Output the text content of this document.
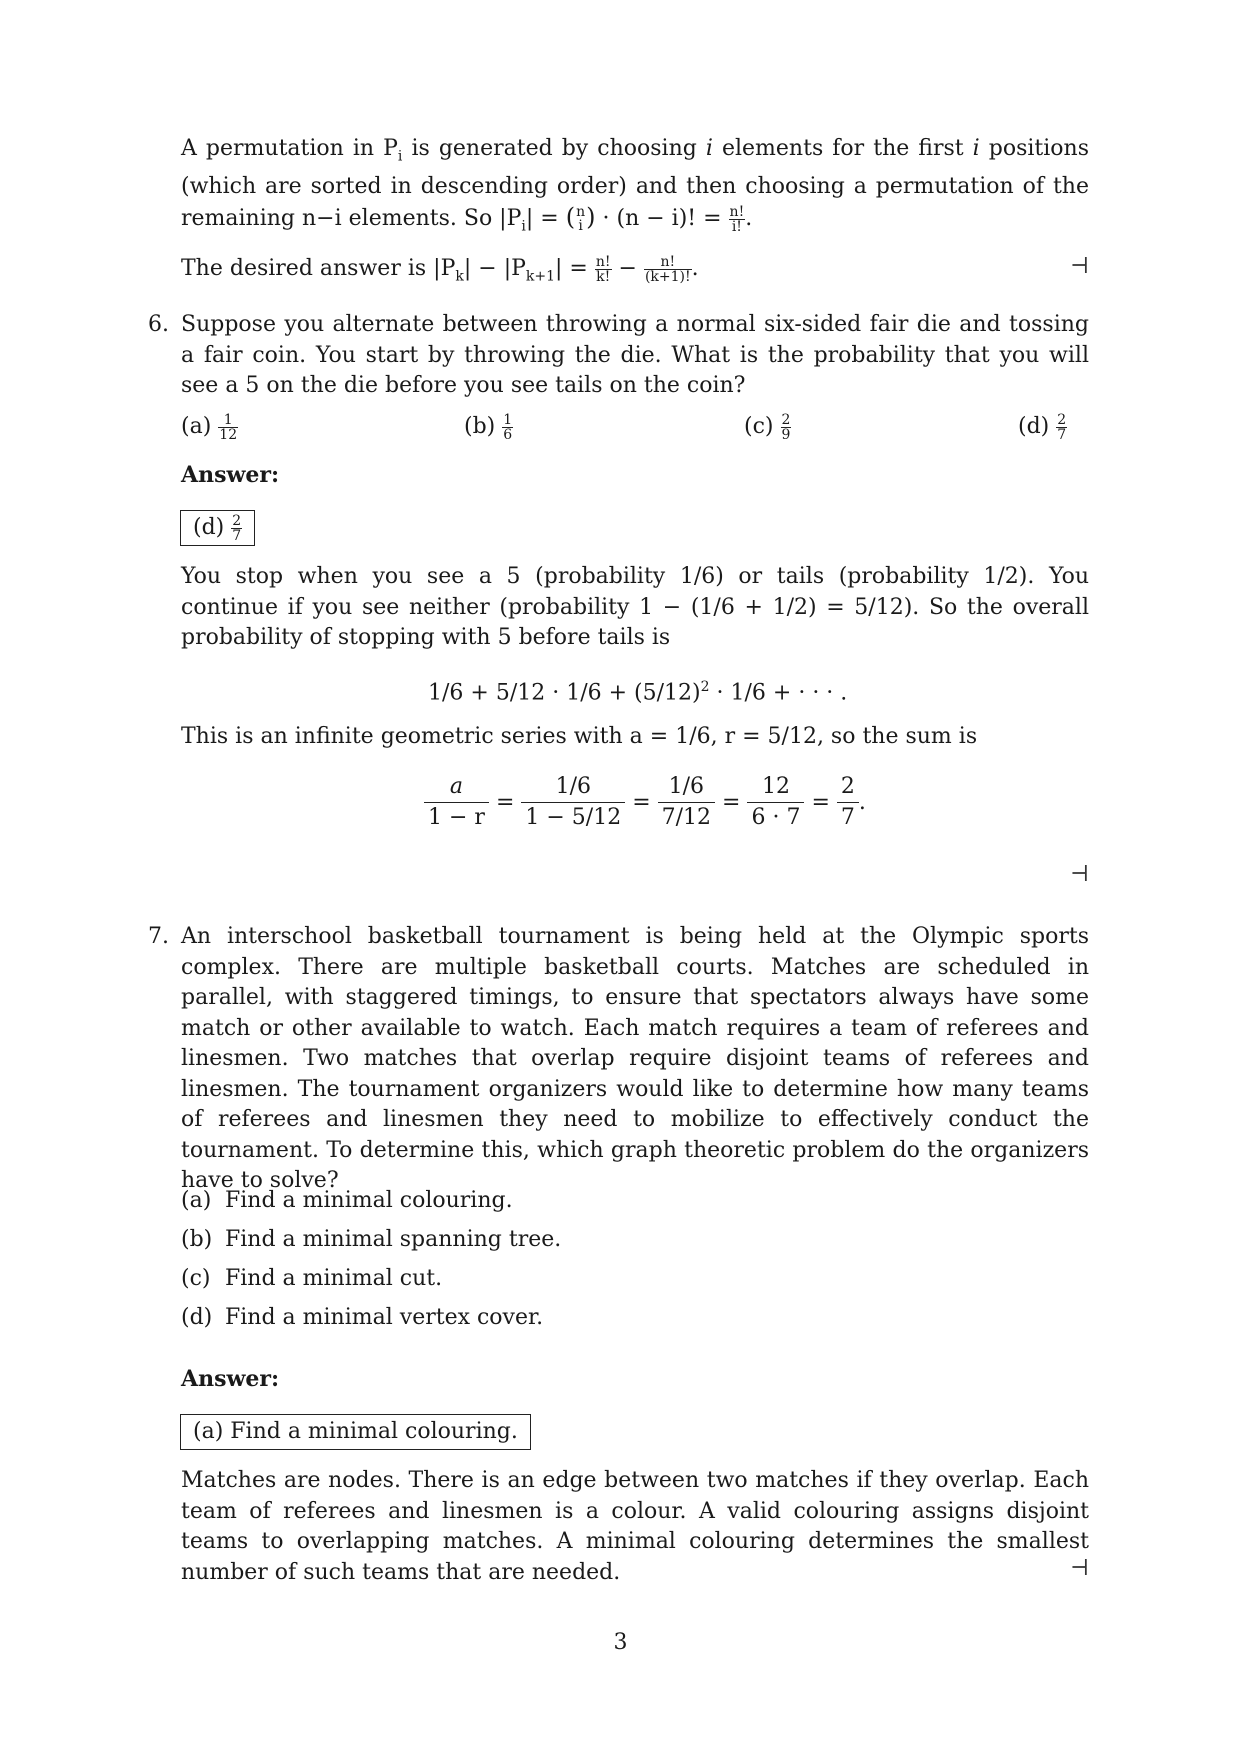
A permutation in $P_i$ is generated by choosing i elements for the first i positions (which are sorted in descending order) and then choosing a permutation of the remaining n−i elements. So $|P_i|$ = ( n
i ) · (n − i)! = $\frac{n!}{i!}$ .
The desired answer is $|P_k| - |P_{k+1}| = \frac{n!}{k!} - \frac{n!}{(k+1)!}$ .	⊣
6. Suppose you alternate between throwing a normal six-sided fair die and tossing a fair coin. You start by throwing the die. What is the probability that you will see a 5 on the die before you see tails on the coin?
$(a) \frac{1}{12}$	$(b) \frac{1}{6}$	$(c) \frac{2}{9}$	$(d) \frac{2}{7}$
Answer:
$(d) \frac{2}{7}$
You stop when you see a 5 (probability 1/6) or tails (probability 1/2). You continue if you see neither (probability 1 − (1/6 + 1/2) = 5/12). So the overall probability of stopping with 5 before tails is
$1/6 + 5/12 \cdot 1/6 + (5/12)^2 \cdot 1/6$ + · · · .
This is an infinite geometric series with a = 1/6, r = 5/12, so the sum is
$\frac{a}{1 - r} = \frac{1/6}{1 - 5/12} = \frac{1/6}{7/12} = \frac{12}{6 \cdot 7} = \frac{2}{7}$ .
⊣
7. An interschool basketball tournament is being held at the Olympic sports complex. There are multiple basketball courts. Matches are scheduled in parallel, with staggered timings, to ensure that spectators always have some match or other available to watch. Each match requires a team of referees and linesmen. Two matches that overlap require disjoint teams of referees and linesmen. The tournament organizers would like to determine how many teams of referees and linesmen they need to mobilize to effectively conduct the tournament. To determine this, which graph theoretic problem do the organizers have to solve?
(a) Find a minimal colouring.
(b) Find a minimal spanning tree.
(c) Find a minimal cut.
(d) Find a minimal vertex cover.
Answer:
(a) Find a minimal colouring.
Matches are nodes. There is an edge between two matches if they overlap. Each team of referees and linesmen is a colour. A valid colouring assigns disjoint teams to overlapping matches. A minimal colouring determines the smallest number of such teams that are needed.	⊣
3
